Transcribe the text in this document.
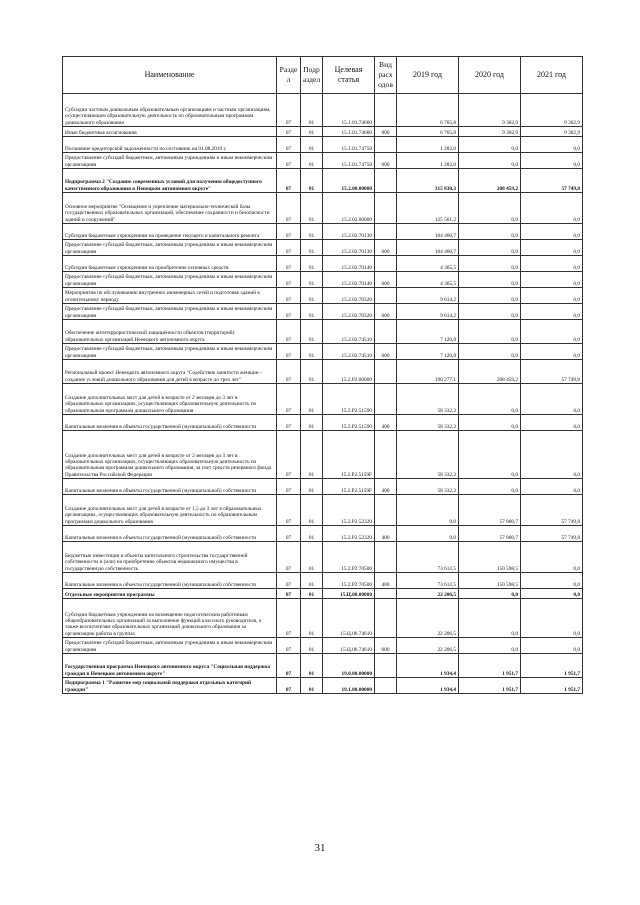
Наименование	Разде л	Подр аздел	Целевая статья	Вид расх одов	2019 год	2020 год	2021 год
Субсидии частным дошкольным образовательным организациям и частным организациям, осуществляющим образовательную деятельность по образовательным программам дошкольного образования	07	01	15.1.01.74660		6 765,8	9 302,9	9 302,9
Иные бюджетные ассигнования	07	01	15.1.01.74660	800	6 765,8	9 302,9	9 302,9
Погашение кредиторской задолженности по состоянию на 01.08.2019 г.	07	01	15.1.01.74750		1 282,0	0,0	0,0
Предоставление субсидий бюджетным, автономным учреждениям и иным некоммерческим организациям	07	01	15.1.01.74750	600	1 282,0	0,0	0,0
Подпрограмма 2 "Создание современных условий для получения общедоступного качественного образования в Ненецком автономном округе"	07	01	15.2.00.00000		315 838,3	208 459,2	57 749,8
Основное мероприятие "Оснащение и укрепление материально-технической базы государственных образовательных организаций, обеспечение сохранности и безопасности зданий и сооружений"	07	01	15.2.02.00000		125 561,2	0,0	0,0
Субсидии бюджетным учреждениям на проведение текущего и капитального ремонта	07	01	15.2.02.70130		104 460,7	0,0	0,0
Предоставление субсидий бюджетным, автономным учреждениям и иным некоммерческим организациям	07	01	15.2.02.70130	600	104 460,7	0,0	0,0
Субсидии бюджетным учреждениям на приобретение основных средств	07	01	15.2.02.70140		4 365,5	0,0	0,0
Предоставление субсидий бюджетным, автономным учреждениям и иным некоммерческим организациям	07	01	15.2.02.70140	600	4 365,5	0,0	0,0
Мероприятия по обслуживанию внутренних инженерных сетей и подготовке зданий к отопительному периоду	07	01	15.2.02.70320		9 614,2	0,0	0,0
Предоставление субсидий бюджетным, автономным учреждениям и иным некоммерческим организациям	07	01	15.2.02.70320	600	9 614,2	0,0	0,0
Обеспечение антитеррористической защищённости объектов (территорий) образовательных организаций Ненецкого автономного округа	07	01	15.2.02.74510		7 120,8	0,0	0,0
Предоставление субсидий бюджетным, автономным учреждениям и иным некоммерческим организациям	07	01	15.2.02.74510	600	7 120,8	0,0	0,0
Региональный проект Ненецкого автономного округа "Содействие занятости женщин - создание условий дошкольного образования для детей в возрасте до трех лет"	07	01	15.2.Р2.00000		190 277,1	208 459,2	57 749,8
Создание дополнительных мест для детей в возрасте от 2 месяцев до 3 лет в образовательных организациях, осуществляющих образовательную деятельность по образовательным программам дошкольного образования	07	01	15.2.Р2.51590		58 332,3	0,0	0,0
Капитальные вложения в объекты государственной (муниципальной) собственности	07	01	15.2.Р2.51590	400	58 332,3	0,0	0,0
Создание дополнительных мест для детей в возрасте от 2 месяцев до 3 лет в образовательных организациях, осуществляющих образовательную деятельность по образовательным программам дошкольного образования, за счет средств резервного фонда Правительства Российской Федерации	07	01	15.2.Р2.5159F		58 332,3	0,0	0,0
Капитальные вложения в объекты государственной (муниципальной) собственности	07	01	15.2.Р2.5159F	400	58 332,3	0,0	0,0
Создание дополнительных мест для детей в возрасте от 1,5 до 3 лет в образовательных организациях, осуществляющих образовательную деятельность по образовательным программам дошкольного образования	07	01	15.2.Р2.52320		0,0	57 860,7	57 749,8
Капитальные вложения в объекты государственной (муниципальной) собственности	07	01	15.2.Р2.52320	400	0,0	57 860,7	57 749,8
Бюджетные инвестиции в объекты капитального строительства государственной собственности и (или) на приобретение объектов недвижимого имущества в государственную собственность	07	01	15.2.Р2.70500		73 612,5	150 598,5	0,0
Капитальные вложения в объекты государственной (муниципальной) собственности	07	01	15.2.Р2.70500	400	73 612,5	150 598,5	0,0
Отдельные мероприятия программы	07	01	15.Ц.00.00000		22 206,5	0,0	0,0
Субсидии бюджетным учреждениям на возмещение педагогическим работникам общеобразовательных организаций за выполнение функций классного руководителя, а также воспитателям образовательных организаций дошкольного образования за организацию работы в группах	07	01	15.Ц.00.74610		22 206,5	0,0	0,0
Предоставление субсидий бюджетным, автономным учреждениям и иным некоммерческим организациям	07	01	15.Ц.00.74610	600	22 206,5	0,0	0,0
Государственная программа Ненецкого автономного округа "Социальная поддержка граждан в Ненецком автономном округе"	07	01	19.0.00.00000		1 934,4	1 951,7	1 951,7
Подпрограмма 1 "Развитие мер социальной поддержки отдельных категорий граждан"	07	01	19.1.00.00000		1 934,4	1 951,7	1 951,7
31
